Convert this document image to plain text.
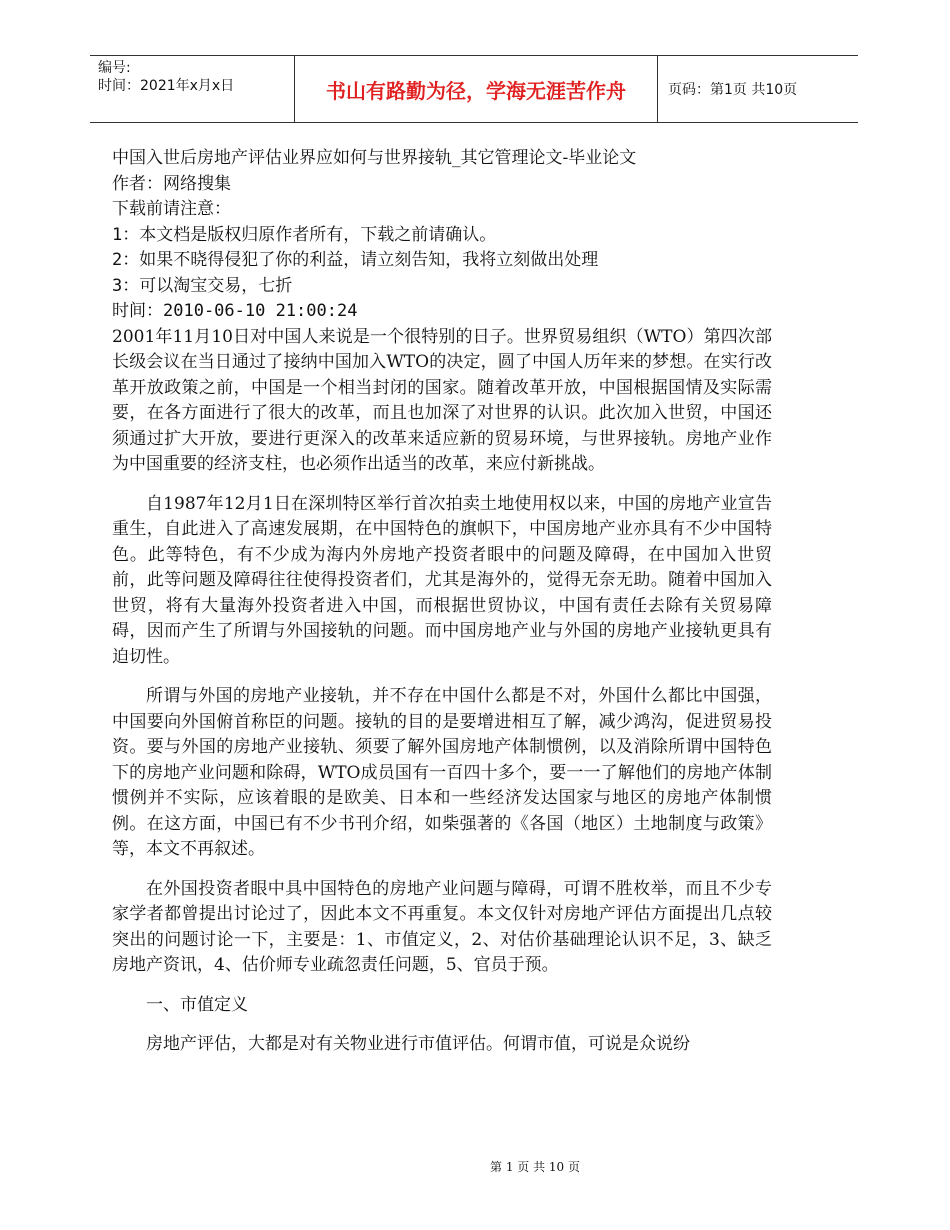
编号:
时间：2021年x月x日	书山有路勤为径，学海无涯苦作舟	页码：第1页 共10页

中国入世后房地产评估业界应如何与世界接轨_其它管理论文-毕业论文

作者：网络搜集

下载前请注意：

1：本文档是版权归原作者所有，下载之前请确认。

2：如果不晓得侵犯了你的利益，请立刻告知，我将立刻做出处理

3：可以淘宝交易，七折

时间：2010-06-10 21:00:24

2001年11月10日对中国人来说是一个很特别的日子。世界贸易组织（WTO）第四次部长级会议在当日通过了接纳中国加入WTO的决定，圆了中国人历年来的梦想。在实行改革开放政策之前，中国是一个相当封闭的国家。随着改革开放，中国根据国情及实际需要，在各方面进行了很大的改革，而且也加深了对世界的认识。此次加入世贸，中国还须通过扩大开放，要进行更深入的改革来适应新的贸易环境，与世界接轨。房地产业作为中国重要的经济支柱，也必须作出适当的改革，来应付新挑战。

自1987年12月1日在深圳特区举行首次拍卖土地使用权以来，中国的房地产业宣告重生，自此进入了高速发展期，在中国特色的旗帜下，中国房地产业亦具有不少中国特色。此等特色，有不少成为海内外房地产投资者眼中的问题及障碍，在中国加入世贸前，此等问题及障碍往往使得投资者们，尤其是海外的，觉得无奈无助。随着中国加入世贸，将有大量海外投资者进入中国，而根据世贸协议，中国有责任去除有关贸易障碍，因而产生了所谓与外国接轨的问题。而中国房地产业与外国的房地产业接轨更具有迫切性。

所谓与外国的房地产业接轨，并不存在中国什么都是不对，外国什么都比中国强，中国要向外国俯首称臣的问题。接轨的目的是要增进相互了解，减少鸿沟，促进贸易投资。要与外国的房地产业接轨、须要了解外国房地产体制惯例，以及消除所谓中国特色下的房地产业问题和除碍，WTO成员国有一百四十多个，要一一了解他们的房地产体制惯例并不实际，应该着眼的是欧美、日本和一些经济发达国家与地区的房地产体制惯例。在这方面，中国已有不少书刊介绍，如柴强著的《各国（地区）土地制度与政策》等，本文不再叙述。

在外国投资者眼中具中国特色的房地产业问题与障碍，可谓不胜枚举，而且不少专家学者都曾提出讨论过了，因此本文不再重复。本文仅针对房地产评估方面提出几点较突出的问题讨论一下，主要是：1、市值定义，2、对估价基础理论认识不足，3、缺乏房地产资讯，4、估价师专业疏忽责任问题，5、官员于预。

一、市值定义

房地产评估，大都是对有关物业进行市值评估。何谓市值，可说是众说纷

第 1 页 共 10 页
